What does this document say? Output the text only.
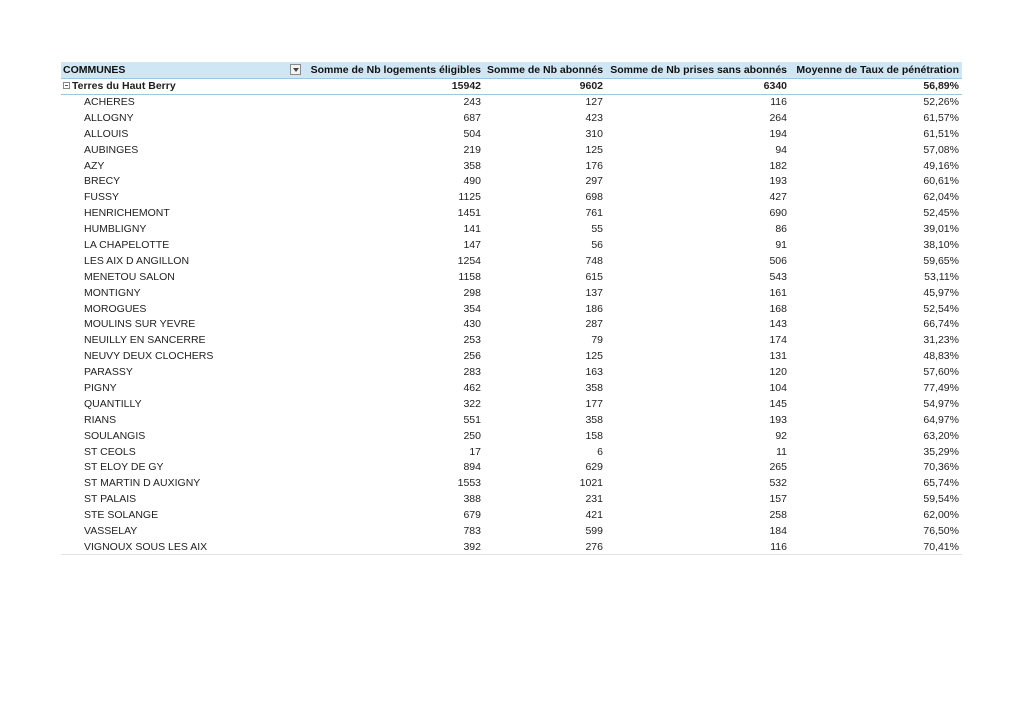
COMMUNES	Somme de Nb logements éligibles	Somme de Nb abonnés	Somme de Nb prises sans abonnés	Moyenne de Taux de pénétration
Terres du Haut Berry	15942	9602	6340	56,89%
ACHERES	243	127	116	52,26%
ALLOGNY	687	423	264	61,57%
ALLOUIS	504	310	194	61,51%
AUBINGES	219	125	94	57,08%
AZY	358	176	182	49,16%
BRECY	490	297	193	60,61%
FUSSY	1125	698	427	62,04%
HENRICHEMONT	1451	761	690	52,45%
HUMBLIGNY	141	55	86	39,01%
LA CHAPELOTTE	147	56	91	38,10%
LES AIX D ANGILLON	1254	748	506	59,65%
MENETOU SALON	1158	615	543	53,11%
MONTIGNY	298	137	161	45,97%
MOROGUES	354	186	168	52,54%
MOULINS SUR YEVRE	430	287	143	66,74%
NEUILLY EN SANCERRE	253	79	174	31,23%
NEUVY DEUX CLOCHERS	256	125	131	48,83%
PARASSY	283	163	120	57,60%
PIGNY	462	358	104	77,49%
QUANTILLY	322	177	145	54,97%
RIANS	551	358	193	64,97%
SOULANGIS	250	158	92	63,20%
ST CEOLS	17	6	11	35,29%
ST ELOY DE GY	894	629	265	70,36%
ST MARTIN D AUXIGNY	1553	1021	532	65,74%
ST PALAIS	388	231	157	59,54%
STE SOLANGE	679	421	258	62,00%
VASSELAY	783	599	184	76,50%
VIGNOUX SOUS LES AIX	392	276	116	70,41%
